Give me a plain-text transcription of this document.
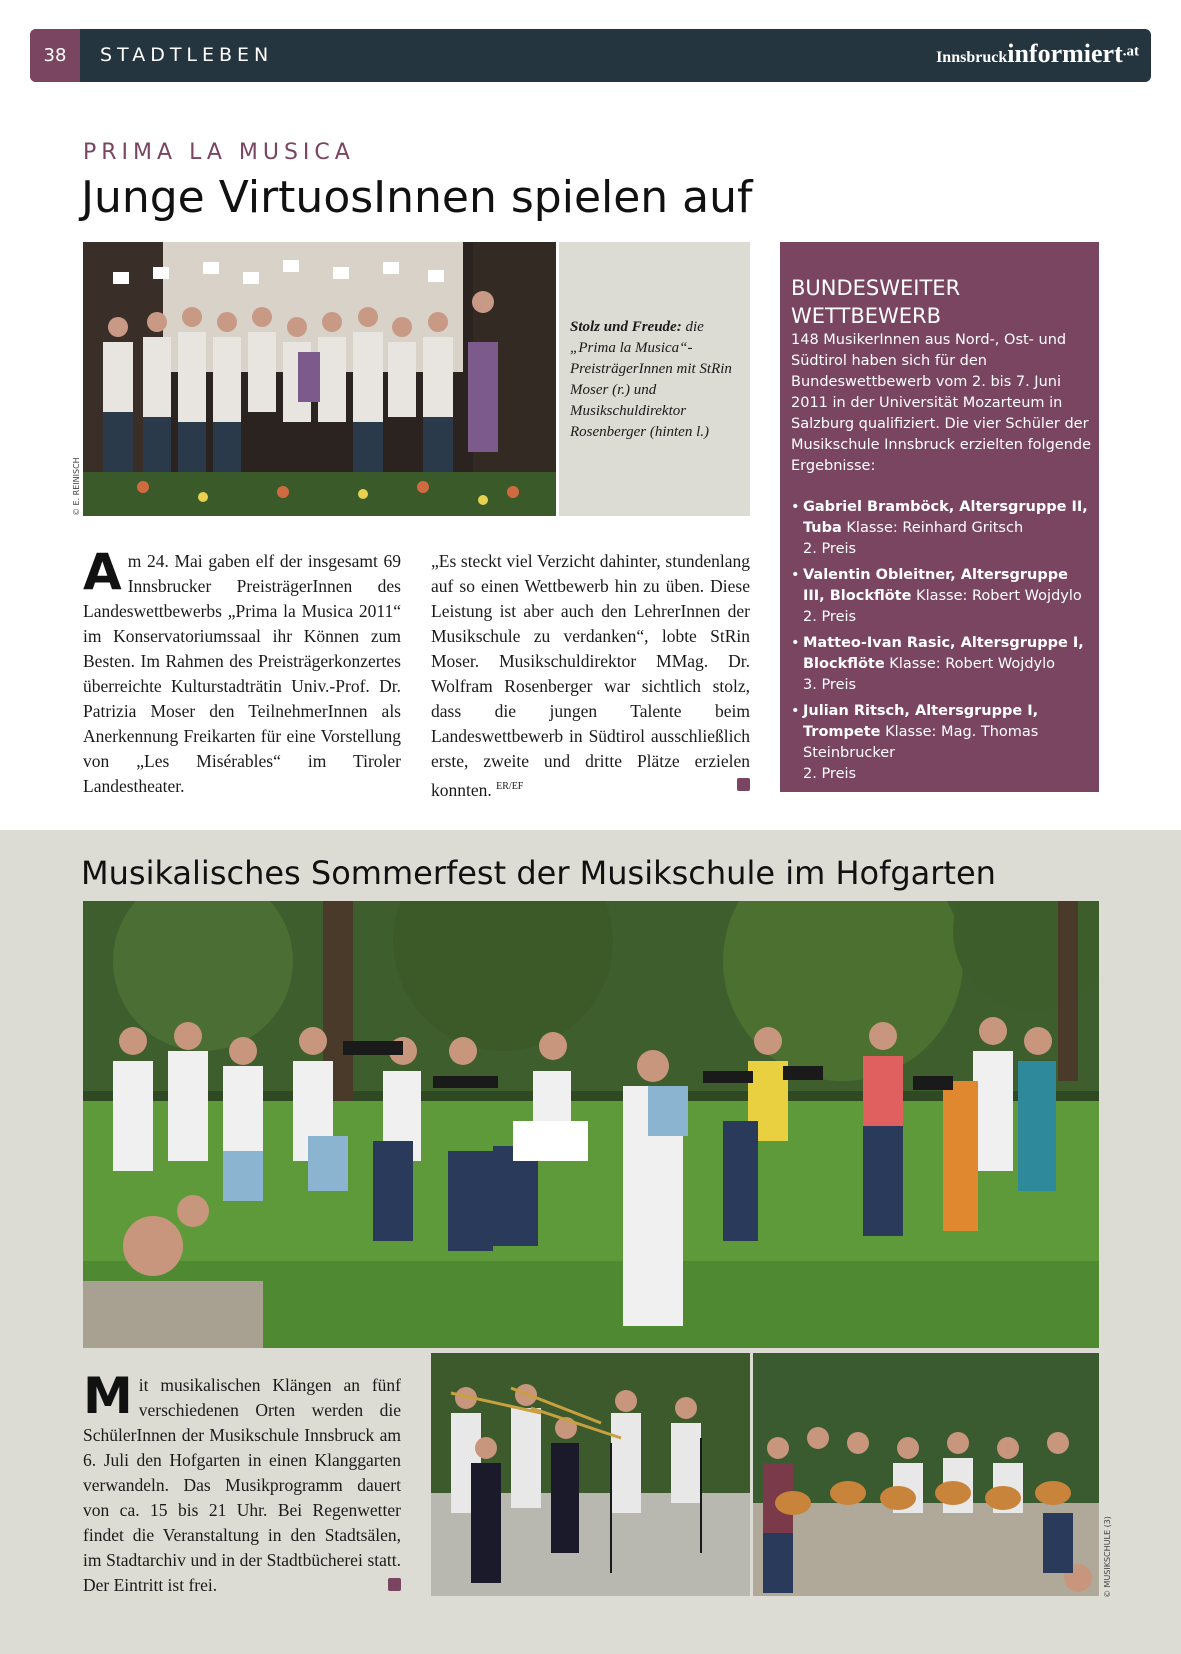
38	STADTLEBEN	Innsbruckinformiert.at
PRIMA LA MUSICA
Junge VirtuosInnen spielen auf
© E. REINISCH
Stolz und Freude: die „Prima la Musica“-PreisträgerInnen mit StRin Moser (r.) und Musikschuldirektor Rosenberger (hinten l.)
BUNDESWEITER WETTBEWERB
148 MusikerInnen aus Nord-, Ost- und Südtirol haben sich für den Bundeswettbewerb vom 2. bis 7. Juni 2011 in der Universität Mozarteum in Salzburg qualifiziert. Die vier Schüler der Musikschule Innsbruck erzielten folgende Ergebnisse:
• Gabriel Bramböck, Altersgruppe II, Tuba Klasse: Reinhard Gritsch
2. Preis
• Valentin Obleitner, Altersgruppe III, Blockflöte Klasse: Robert Wojdylo
2. Preis
• Matteo-Ivan Rasic, Altersgruppe I, Blockflöte Klasse: Robert Wojdylo
3. Preis
• Julian Ritsch, Altersgruppe I, Trompete Klasse: Mag. Thomas Steinbrucker
2. Preis
Am 24. Mai gaben elf der insgesamt 69 Innsbrucker PreisträgerInnen des Landeswettbewerbs „Prima la Musica 2011“ im Konservatoriumssaal ihr Können zum Besten. Im Rahmen des Preisträgerkonzertes überreichte Kulturstadträtin Univ.-Prof. Dr. Patrizia Moser den TeilnehmerInnen als Anerkennung Freikarten für eine Vorstellung von „Les Misérables“ im Tiroler Landestheater.
„Es steckt viel Verzicht dahinter, stundenlang auf so einen Wettbewerb hin zu üben. Diese Leistung ist aber auch den LehrerInnen der Musikschule zu verdanken“, lobte StRin Moser. Musikschuldirektor MMag. Dr. Wolfram Rosenberger war sichtlich stolz, dass die jungen Talente beim Landeswettbewerb in Südtirol ausschließlich erste, zweite und dritte Plätze erzielen konnten. $^{ER/EF}$
Musikalisches Sommerfest der Musikschule im Hofgarten
© MUSIKSCHULE (3)
Mit musikalischen Klängen an fünf verschiedenen Orten werden die SchülerInnen der Musikschule Innsbruck am 6. Juli den Hofgarten in einen Klanggarten verwandeln. Das Musikprogramm dauert von ca. 15 bis 21 Uhr. Bei Regenwetter findet die Veranstaltung in den Stadtsälen, im Stadtarchiv und in der Stadtbücherei statt. Der Eintritt ist frei.
